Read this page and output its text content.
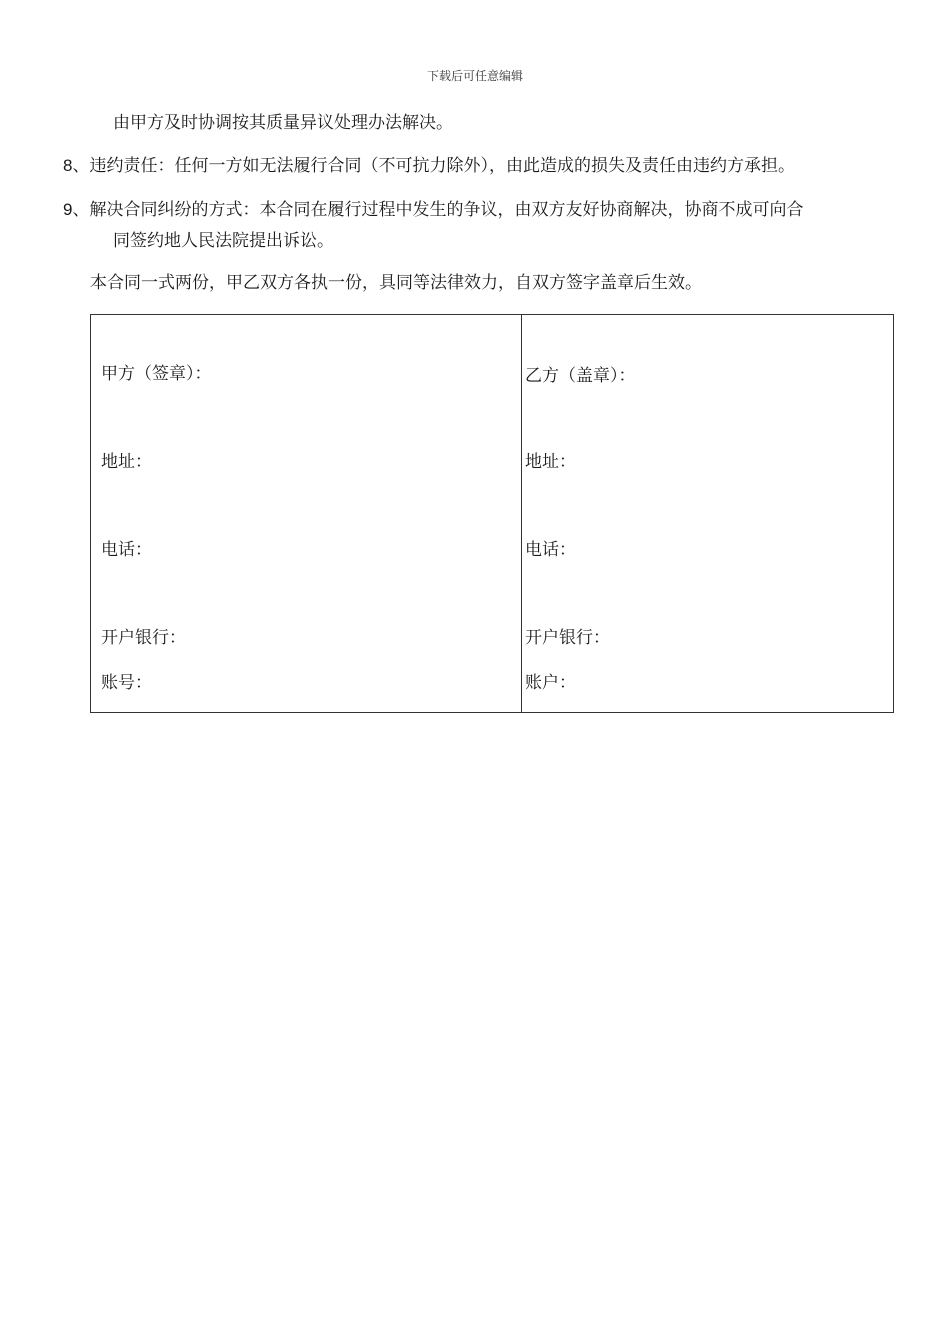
下载后可任意编辑
由甲方及时协调按其质量异议处理办法解决。
8、违约责任：任何一方如无法履行合同（不可抗力除外），由此造成的损失及责任由违约方承担。
9、解决合同纠纷的方式：本合同在履行过程中发生的争议，由双方友好协商解决，协商不成可向合
同签约地人民法院提出诉讼。
本合同一式两份，甲乙双方各执一份，具同等法律效力，自双方签字盖章后生效。
甲方（签章）：
地址：
电话：
开户银行：
账号：
乙方（盖章）：
地址：
电话：
开户银行：
账户：
